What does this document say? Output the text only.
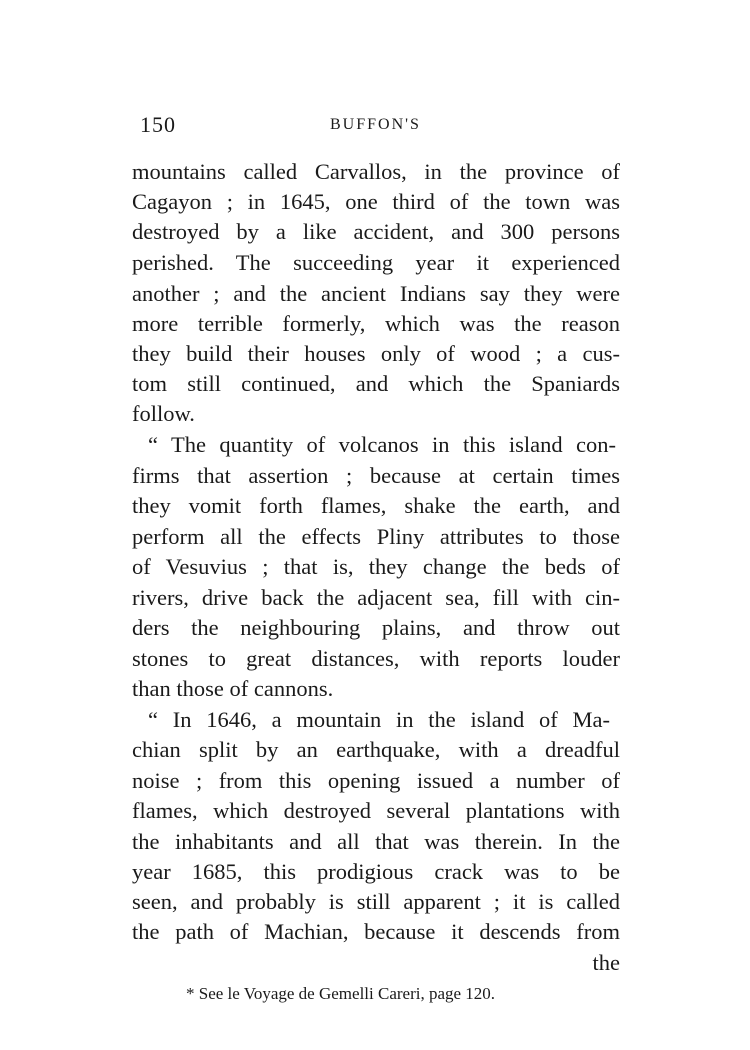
150	BUFFON'S
mountains called Carvallos, in the province of
Cagayon ; in 1645, one third of the town was
destroyed by a like accident, and 300 persons
perished. The succeeding year it experienced
another ; and the ancient Indians say they were
more terrible formerly, which was the reason
they build their houses only of wood ; a cus-
tom still continued, and which the Spaniards
follow.
“ The quantity of volcanos in this island con-
firms that assertion ; because at certain times
they vomit forth flames, shake the earth, and
perform all the effects Pliny attributes to those
of Vesuvius ; that is, they change the beds of
rivers, drive back the adjacent sea, fill with cin-
ders the neighbouring plains, and throw out
stones to great distances, with reports louder
than those of cannons.
“ In 1646, a mountain in the island of Ma-
chian split by an earthquake, with a dreadful
noise ; from this opening issued a number of
flames, which destroyed several plantations with
the inhabitants and all that was therein. In the
year 1685, this prodigious crack was to be
seen, and probably is still apparent ; it is called
the path of Machian, because it descends from
the
* See le Voyage de Gemelli Careri, page 120.
